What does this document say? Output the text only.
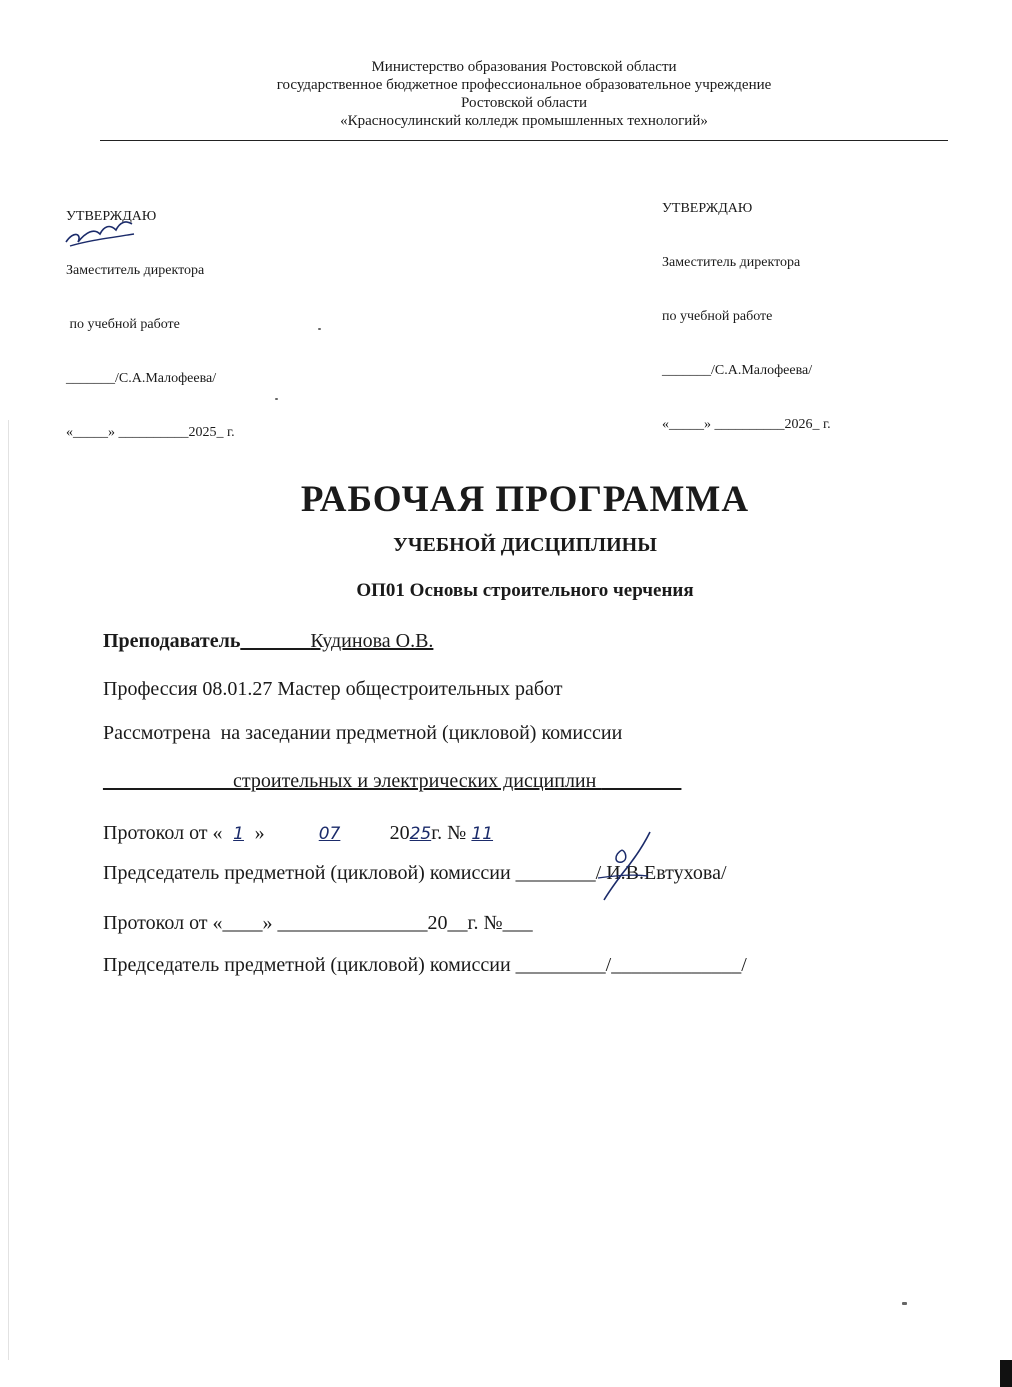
Министерство образования Ростовской области
государственное бюджетное профессиональное образовательное учреждение
Ростовской области
«Красносулинский колледж промышленных технологий»

УТВЕРЖДАЮ

Заместитель директора

по учебной работе

_______/С.А.Малофеева/

«_____» __________2025_ г.

УТВЕРЖДАЮ

Заместитель директора

по учебной работе

_______/С.А.Малофеева/

«_____» __________2026_ г.

РАБОЧАЯ ПРОГРАММА
УЧЕБНОЙ ДИСЦИПЛИНЫ
ОП01 Основы строительного черчения
Преподаватель_______Кудинова О.В.
Профессия 08.01.27 Мастер общестроительных работ
Рассмотрена  на заседании предметной (цикловой) комиссии
_____________строительных и электрических дисциплин ________
Протокол от « 1 »	07 2025г. № 11
Председатель предметной (цикловой) комиссии ________/ И.В.Евтухова/
Протокол от «____» _______________20__г. №___
Председатель предметной (цикловой) комиссии _________/_____________/
